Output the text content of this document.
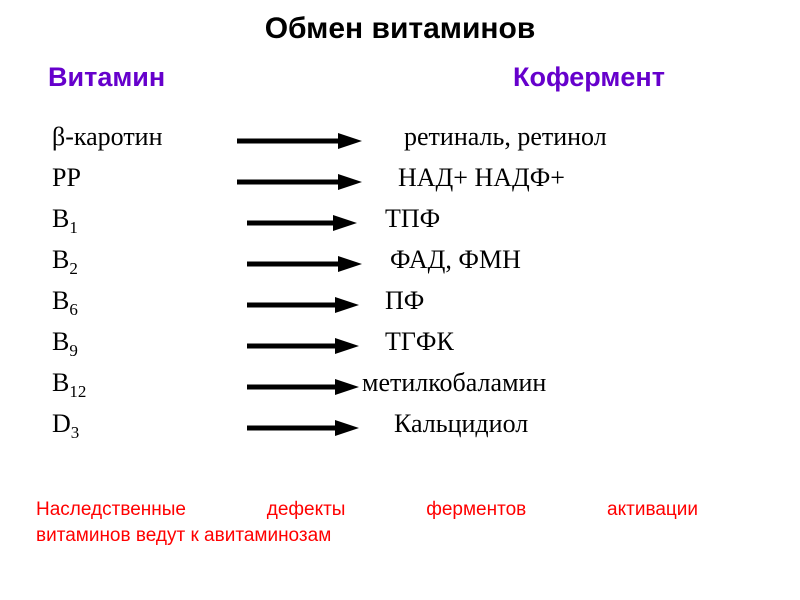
Обмен витаминов
Витамин	Кофермент
β-каротин	ретиналь, ретинол
РР	НАД+ НАДФ+
$В_1$	ТПФ
$В_2$	ФАД, ФМН
$В_6$	ПФ
$В_9$	ТГФК
$В_{12}$	метилкобаламин
$D_3$	Кальцидиол
Наследственные дефекты ферментов активации
витаминов ведут к авитаминозам
